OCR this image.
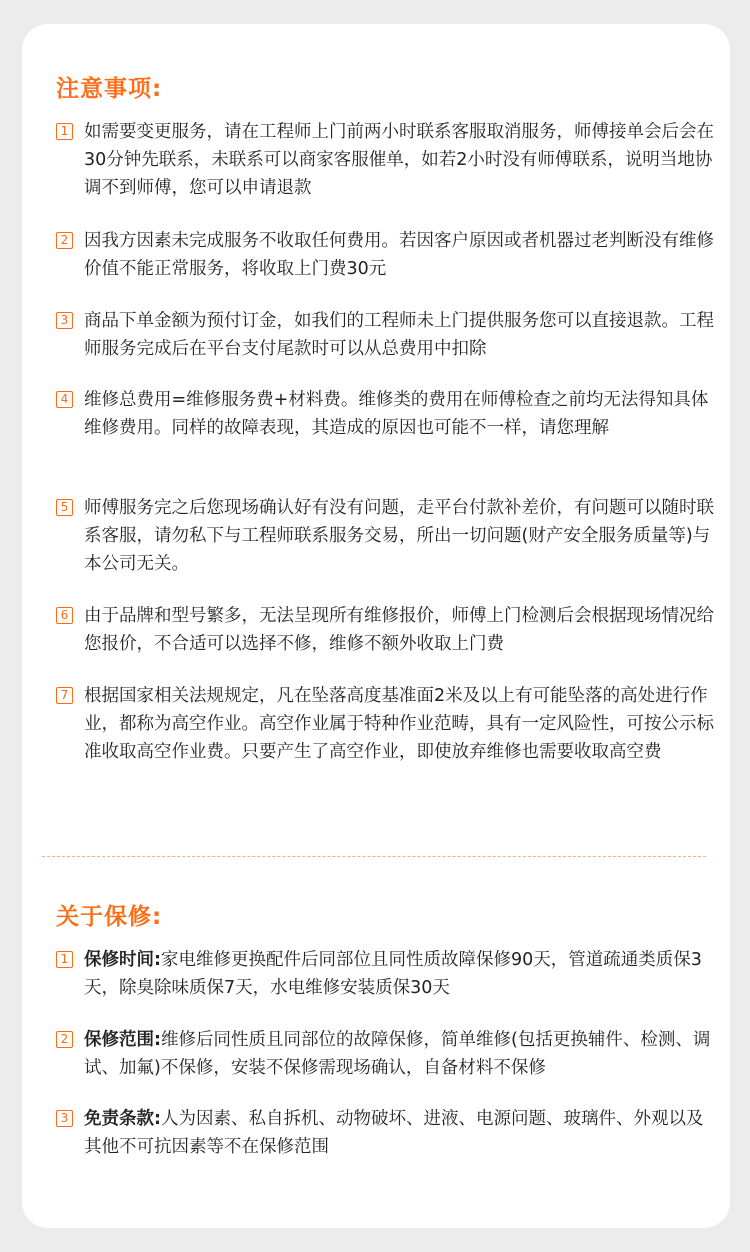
注意事项:
1 如需要变更服务，请在工程师上门前两小时联系客服取消服务，师傅接单会后会在30分钟先联系，未联系可以商家客服催单，如若2小时没有师傅联系，说明当地协调不到师傅，您可以申请退款
2 因我方因素未完成服务不收取任何费用。若因客户原因或者机器过老判断没有维修价值不能正常服务，将收取上门费30元
3 商品下单金额为预付订金，如我们的工程师未上门提供服务您可以直接退款。工程师服务完成后在平台支付尾款时可以从总费用中扣除
4 维修总费用=维修服务费+材料费。维修类的费用在师傅检查之前均无法得知具体维修费用。同样的故障表现，其造成的原因也可能不一样，请您理解
5 师傅服务完之后您现场确认好有没有问题，走平台付款补差价，有问题可以随时联系客服，请勿私下与工程师联系服务交易，所出一切问题(财产安全服务质量等)与本公司无关。
6 由于品牌和型号繁多，无法呈现所有维修报价，师傅上门检测后会根据现场情况给您报价，不合适可以选择不修，维修不额外收取上门费
7 根据国家相关法规规定，凡在坠落高度基准面2米及以上有可能坠落的高处进行作业，都称为高空作业。高空作业属于特种作业范畴，具有一定风险性，可按公示标准收取高空作业费。只要产生了高空作业，即使放弃维修也需要收取高空费
关于保修:
1 保修时间:家电维修更换配件后同部位且同性质故障保修90天，管道疏通类质保3天，除臭除味质保7天，水电维修安装质保30天
2 保修范围:维修后同性质且同部位的故障保修，简单维修(包括更换辅件、检测、调试、加氟)不保修，安装不保修需现场确认，自备材料不保修
3 免责条款:人为因素、私自拆机、动物破坏、进液、电源问题、玻璃件、外观以及其他不可抗因素等不在保修范围
